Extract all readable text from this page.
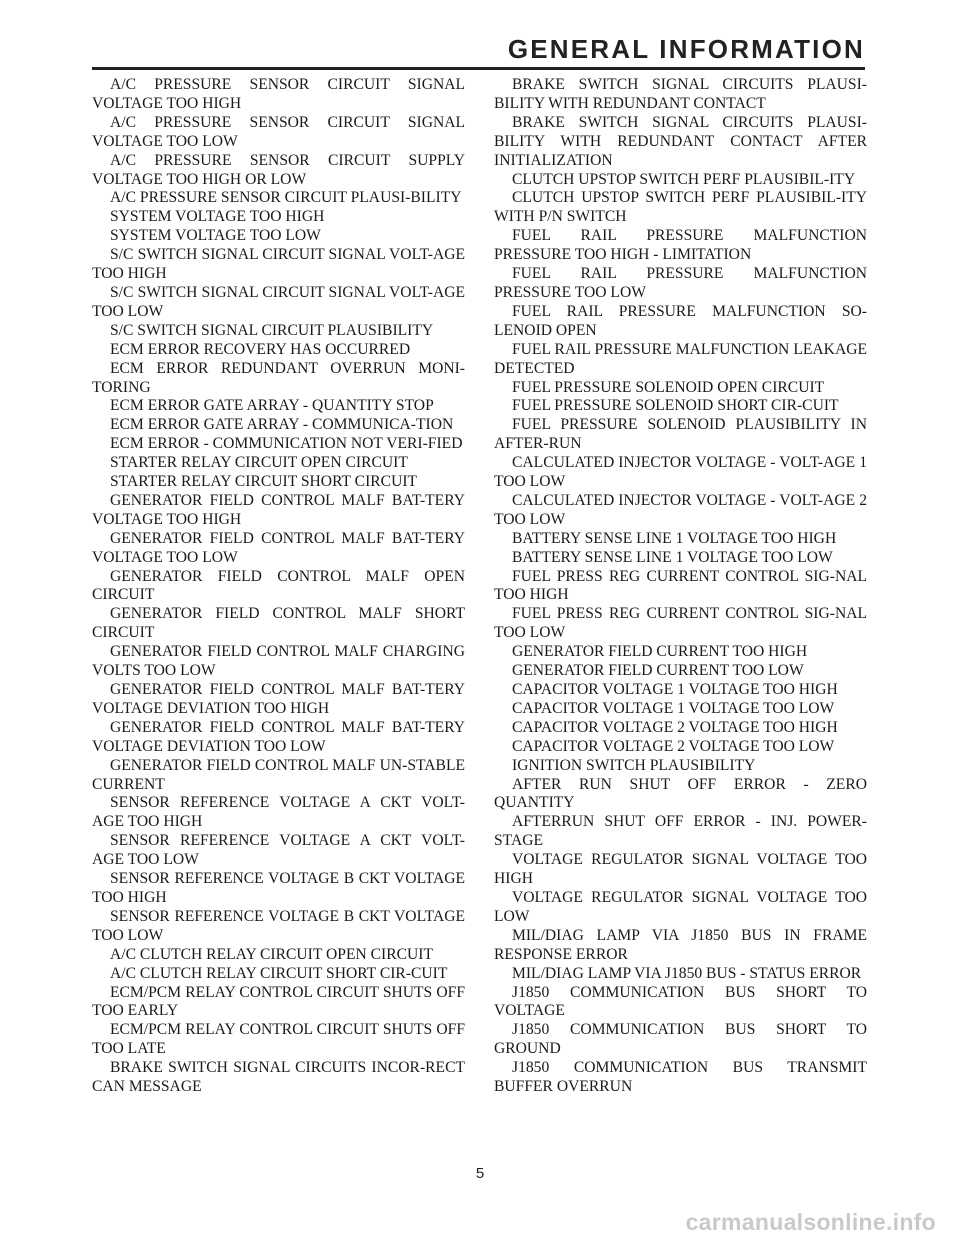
GENERAL INFORMATION

A/C PRESSURE SENSOR CIRCUIT SIGNAL VOLTAGE TOO HIGH

A/C PRESSURE SENSOR CIRCUIT SIGNAL VOLTAGE TOO LOW

A/C PRESSURE SENSOR CIRCUIT SUPPLY VOLTAGE TOO HIGH OR LOW

A/C PRESSURE SENSOR CIRCUIT PLAUSI-BILITY

SYSTEM VOLTAGE TOO HIGH

SYSTEM VOLTAGE TOO LOW

S/C SWITCH SIGNAL CIRCUIT SIGNAL VOLT-AGE TOO HIGH

S/C SWITCH SIGNAL CIRCUIT SIGNAL VOLT-AGE TOO LOW

S/C SWITCH SIGNAL CIRCUIT PLAUSIBILITY

ECM ERROR RECOVERY HAS OCCURRED

ECM ERROR REDUNDANT OVERRUN MONI-TORING

ECM ERROR GATE ARRAY - QUANTITY STOP

ECM ERROR GATE ARRAY - COMMUNICA-TION

ECM ERROR - COMMUNICATION NOT VERI-FIED

STARTER RELAY CIRCUIT OPEN CIRCUIT

STARTER RELAY CIRCUIT SHORT CIRCUIT

GENERATOR FIELD CONTROL MALF BAT-TERY VOLTAGE TOO HIGH

GENERATOR FIELD CONTROL MALF BAT-TERY VOLTAGE TOO LOW

GENERATOR FIELD CONTROL MALF OPEN CIRCUIT

GENERATOR FIELD CONTROL MALF SHORT CIRCUIT

GENERATOR FIELD CONTROL MALF CHARGING VOLTS TOO LOW

GENERATOR FIELD CONTROL MALF BAT-TERY VOLTAGE DEVIATION TOO HIGH

GENERATOR FIELD CONTROL MALF BAT-TERY VOLTAGE DEVIATION TOO LOW

GENERATOR FIELD CONTROL MALF UN-STABLE CURRENT

SENSOR REFERENCE VOLTAGE A CKT VOLT-AGE TOO HIGH

SENSOR REFERENCE VOLTAGE A CKT VOLT-AGE TOO LOW

SENSOR REFERENCE VOLTAGE B CKT VOLTAGE TOO HIGH

SENSOR REFERENCE VOLTAGE B CKT VOLTAGE TOO LOW

A/C CLUTCH RELAY CIRCUIT OPEN CIRCUIT

A/C CLUTCH RELAY CIRCUIT SHORT CIR-CUIT

ECM/PCM RELAY CONTROL CIRCUIT SHUTS OFF TOO EARLY

ECM/PCM RELAY CONTROL CIRCUIT SHUTS OFF TOO LATE

BRAKE SWITCH SIGNAL CIRCUITS INCOR-RECT CAN MESSAGE

BRAKE SWITCH SIGNAL CIRCUITS PLAUSI-BILITY WITH REDUNDANT CONTACT

BRAKE SWITCH SIGNAL CIRCUITS PLAUSI-BILITY WITH REDUNDANT CONTACT AFTER INITIALIZATION

CLUTCH UPSTOP SWITCH PERF PLAUSIBIL-ITY

CLUTCH UPSTOP SWITCH PERF PLAUSIBIL-ITY WITH P/N SWITCH

FUEL RAIL PRESSURE MALFUNCTION PRESSURE TOO HIGH - LIMITATION

FUEL RAIL PRESSURE MALFUNCTION PRESSURE TOO LOW

FUEL RAIL PRESSURE MALFUNCTION SO-LENOID OPEN

FUEL RAIL PRESSURE MALFUNCTION LEAKAGE DETECTED

FUEL PRESSURE SOLENOID OPEN CIRCUIT

FUEL PRESSURE SOLENOID SHORT CIR-CUIT

FUEL PRESSURE SOLENOID PLAUSIBILITY IN AFTER-RUN

CALCULATED INJECTOR VOLTAGE - VOLT-AGE 1 TOO LOW

CALCULATED INJECTOR VOLTAGE - VOLT-AGE 2 TOO LOW

BATTERY SENSE LINE 1 VOLTAGE TOO HIGH

BATTERY SENSE LINE 1 VOLTAGE TOO LOW

FUEL PRESS REG CURRENT CONTROL SIG-NAL TOO HIGH

FUEL PRESS REG CURRENT CONTROL SIG-NAL TOO LOW

GENERATOR FIELD CURRENT TOO HIGH

GENERATOR FIELD CURRENT TOO LOW

CAPACITOR VOLTAGE 1 VOLTAGE TOO HIGH

CAPACITOR VOLTAGE 1 VOLTAGE TOO LOW

CAPACITOR VOLTAGE 2 VOLTAGE TOO HIGH

CAPACITOR VOLTAGE 2 VOLTAGE TOO LOW

IGNITION SWITCH PLAUSIBILITY

AFTER RUN SHUT OFF ERROR - ZERO QUANTITY

AFTERRUN SHUT OFF ERROR - INJ. POWER-STAGE

VOLTAGE REGULATOR SIGNAL VOLTAGE TOO HIGH

VOLTAGE REGULATOR SIGNAL VOLTAGE TOO LOW

MIL/DIAG LAMP VIA J1850 BUS IN FRAME RESPONSE ERROR

MIL/DIAG LAMP VIA J1850 BUS - STATUS ERROR

J1850 COMMUNICATION BUS SHORT TO VOLTAGE

J1850 COMMUNICATION BUS SHORT TO GROUND

J1850 COMMUNICATION BUS TRANSMIT BUFFER OVERRUN

5
carmanualsonline.info
